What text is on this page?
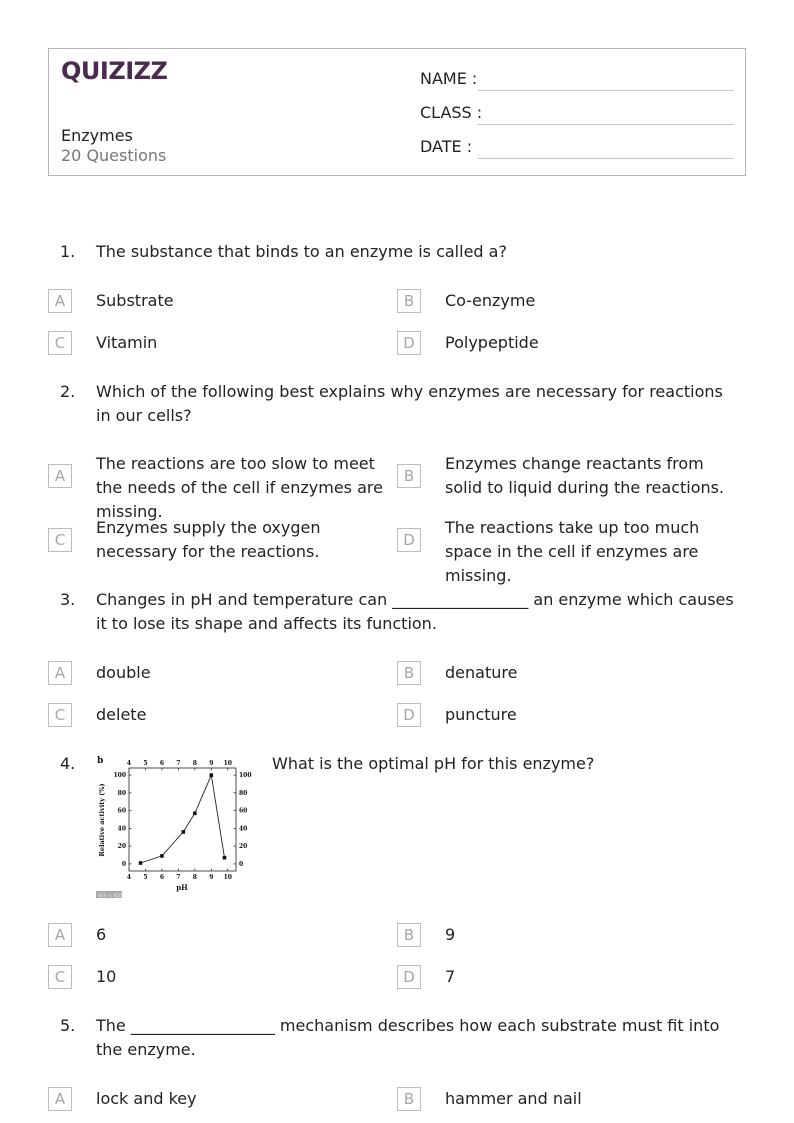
QUIZIZZ
Enzymes
20 Questions
NAME :
CLASS :
DATE :
1. The substance that binds to an enzyme is called a?
A	Substrate	B	Co-enzyme
C	Vitamin	D	Polypeptide
2. Which of the following best explains why enzymes are necessary for reactions in our cells?
A
The reactions are too slow to meet the needs of the cell if enzymes are missing.
B
Enzymes change reactants from solid to liquid during the reactions.
C
Enzymes supply the oxygen necessary for the reactions.
D
The reactions take up too much space in the cell if enzymes are missing.
3. Changes in pH and temperature can _________________ an enzyme which causes it to lose its shape and affects its function.
A	double	B	denature
C	delete	D	puncture
4.	What is the optimal pH for this enzyme?
b
4
4
5
5
6
6
7
7
8
8
9
9
10
10
0	0
20	20
40	40
60	60
80	80
100	100
pH
Relative activity (%)
450 × 450
A	6	B	9
C	10	D	7
5. The __________________ mechanism describes how each substrate must fit into the enzyme.
A	lock and key	B	hammer and nail
